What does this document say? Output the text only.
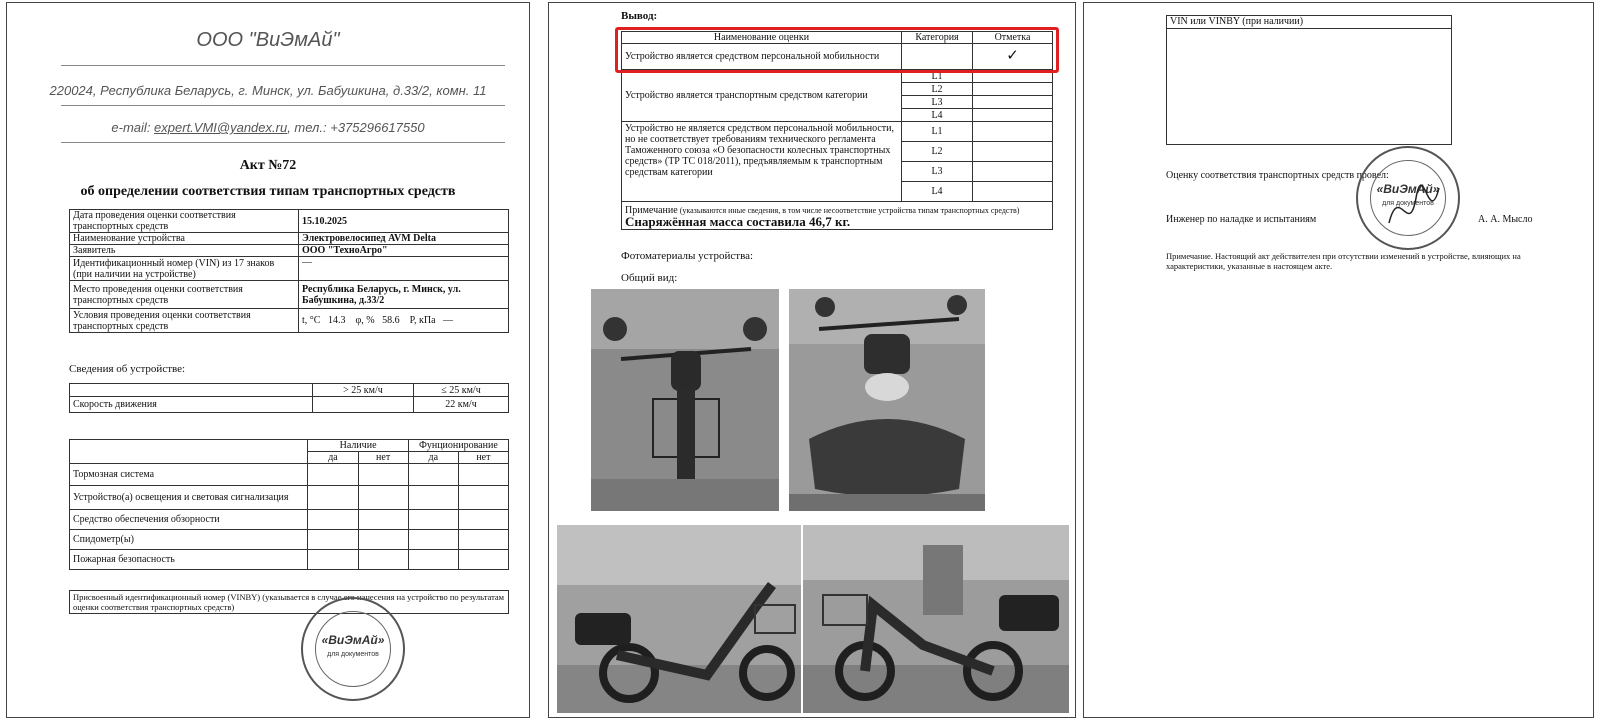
ООО "ВиЭмАй"
220024, Республика Беларусь, г. Минск, ул. Бабушкина, д.33/2, комн. 11
e-mail: expert.VMI@yandex.ru, тел.: +375296617550
Акт №72
об определении соответствия типам транспортных средств
Дата проведения оценки соответствия транспортных средств	15.10.2025
Наименование устройства	Электровелосипед AVM Delta
Заявитель	ООО "ТехноАгро"
Идентификационный номер (VIN) из 17 знаков (при наличии на устройстве)	—
Место проведения оценки соответствия транспортных средств	Республика Беларусь, г. Минск, ул. Бабушкина, д.33/2
Условия проведения оценки соответствия транспортных средств	t, °С 14.3 φ, % 58.6 P, кПа —
Сведения об устройстве:
	> 25 км/ч	≤ 25 км/ч
Скорость движения		22 км/ч
	Наличие		Фунционирование	
	да	нет	да	нет
Тормозная система				
Устройство(а) освещения и световая сигнализация				
Средство обеспечения обзорности				
Спидометр(ы)				
Пожарная безопасность				
Присвоенный идентификационный номер (VINBY) (указывается в случае его нанесения на устройство по результатам оценки соответствия транспортных средств)
«ВиЭмАй»
для документов
Вывод:
Наименование оценки	Категория	Отметка
Устройство является средством персональной мобильности		✓
Устройство является транспортным средством категории	L1	
	L2	
	L3	
	L4	
Устройство не является средством персональной мобильности, но не соответствует требованиям технического регламента Таможенного союза «О безопасности колесных транспортных средств» (ТР ТС 018/2011), предъявляемым к транспортным средствам категории	L1	
	L2	
	L3	
	L4	
Примечание (указываются иные сведения, в том числе несоответствие устройства типам транспортных средств) Снаряжённая масса составила 46,7 кг.		
Фотоматериалы устройства:
Общий вид:
VIN или VINBY (при наличии)
Оценку соответствия транспортных средств провел:
Инженер по наладке и испытаниям	А. А. Мысло
«ВиЭмАй»
для документов
Примечание. Настоящий акт действителен при отсутствии изменений в устройстве, влияющих на характеристики, указанные в настоящем акте.
